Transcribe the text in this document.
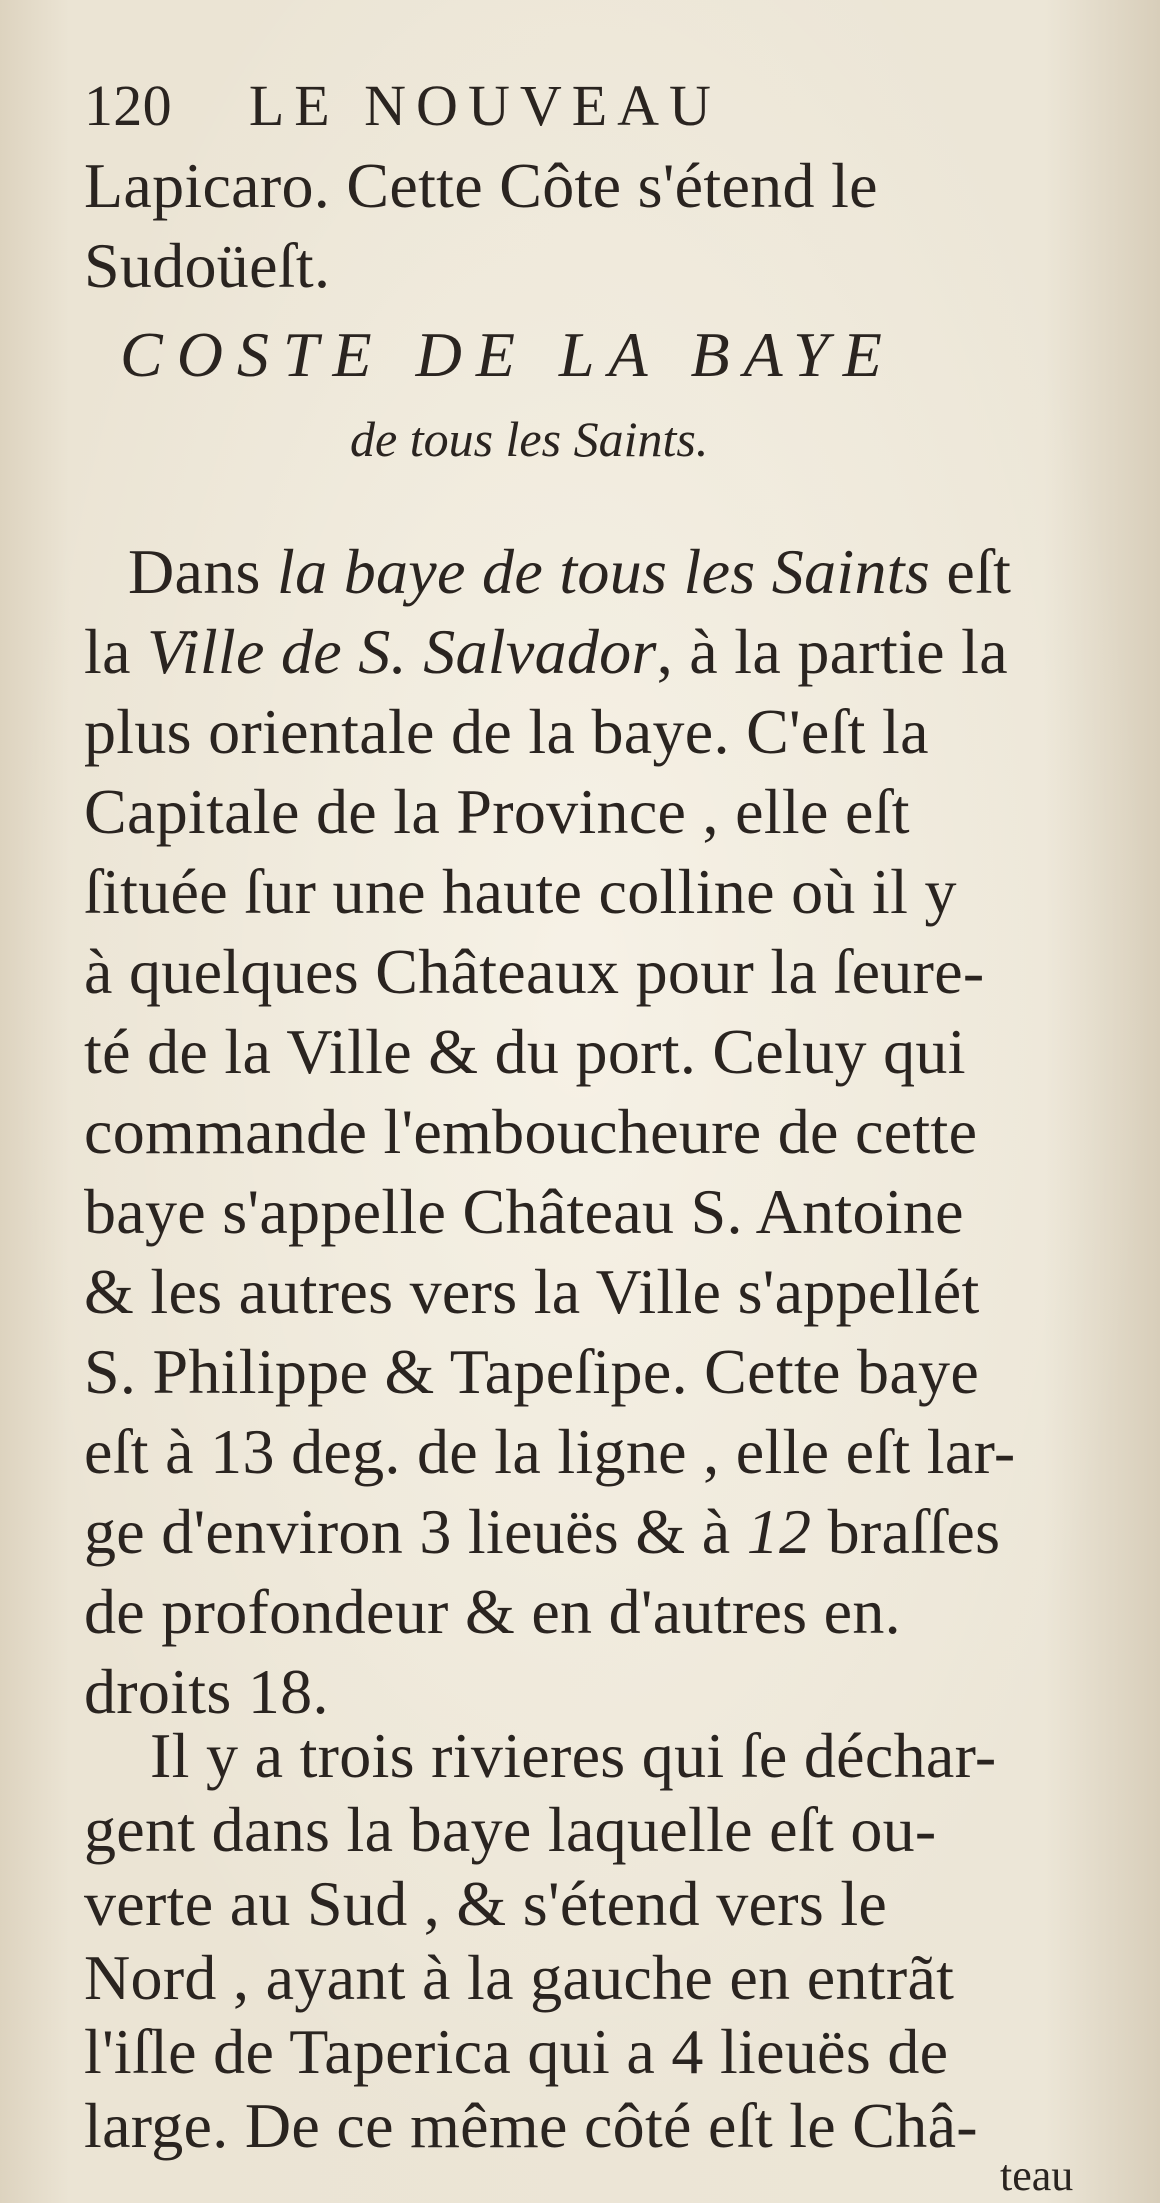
120 LE NOUVEAU
Lapicaro. Cette Côte s'étend le
Sudoüeſt.
COSTE DE LA BAYE
de tous les Saints.
Dans la baye de tous les Saints eſt
la Ville de S. Salvador, à la partie la
plus orientale de la baye. C'eſt la
Capitale de la Province , elle eſt
ſituée ſur une haute colline où il y
à quelques Châteaux pour la ſeure-
té de la Ville & du port. Celuy qui
commande l'emboucheure de cette
baye s'appelle Château S. Antoine
& les autres vers la Ville s'appellét
S. Philippe & Tapeſipe. Cette baye
eſt à 13 deg. de la ligne , elle eſt lar-
ge d'environ 3 lieuës & à 12 braſſes
de profondeur & en d'autres en.
droits 18.
Il y a trois rivieres qui ſe déchar-
gent dans la baye laquelle eſt ou-
verte au Sud , & s'étend vers le
Nord , ayant à la gauche en entrãt
l'iſle de Taperica qui a 4 lieuës de
teau
large. De ce même côté eſt le Châ-
